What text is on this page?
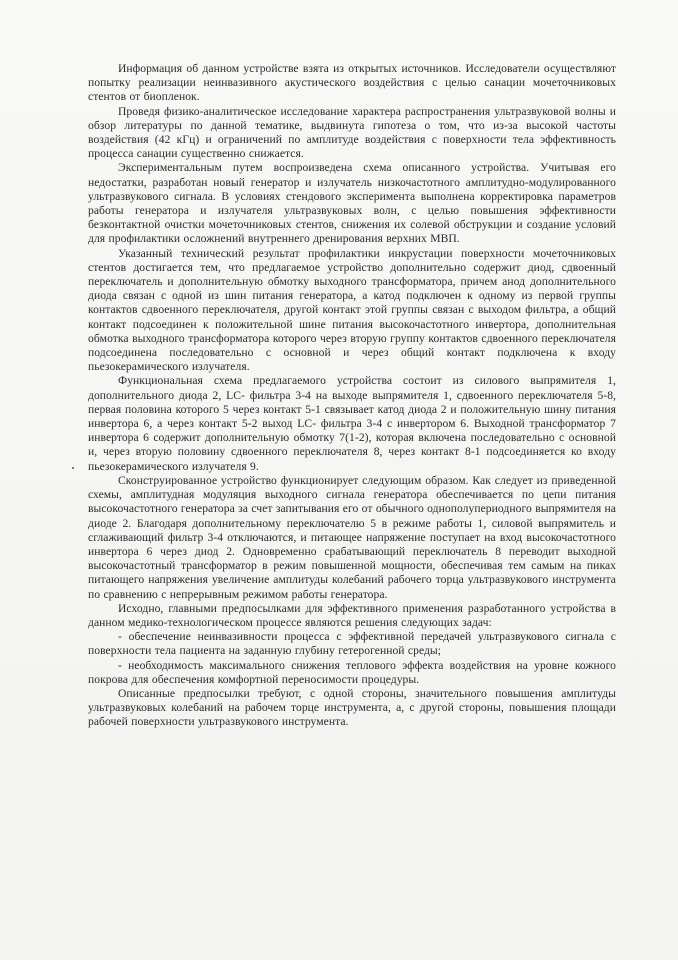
Информация об данном устройстве взята из открытых источников. Исследователи осуществляют попытку реализации неинвазивного акустического воздействия с целью санации мочеточниковых стентов от биопленок.

Проведя физико-аналитическое исследование характера распространения ультразвуковой волны и обзор литературы по данной тематике, выдвинута гипотеза о том, что из-за высокой частоты воздействия (42 кГц) и ограничений по амплитуде воздействия с поверхности тела эффективность процесса санации существенно снижается.

Экспериментальным путем воспроизведена схема описанного устройства. Учитывая его недостатки, разработан новый генератор и излучатель низкочастотного амплитудно-модулированного ультразвукового сигнала. В условиях стендового эксперимента выполнена корректировка параметров работы генератора и излучателя ультразвуковых волн, с целью повышения эффективности безконтактной очистки мочеточниковых стентов, снижения их солевой обструкции и создание условий для профилактики осложнений внутреннего дренирования верхних МВП.

Указанный технический результат профилактики инкрустации поверхности мочеточниковых стентов достигается тем, что предлагаемое устройство дополнительно содержит диод, сдвоенный переключатель и дополнительную обмотку выходного трансформатора, причем анод дополнительного диода связан с одной из шин питания генератора, а катод подключен к одному из первой группы контактов сдвоенного переключателя, другой контакт этой группы связан с выходом фильтра, а общий контакт подсоединен к положительной шине питания высокочастотного инвертора, дополнительная обмотка выходного трансформатора которого через вторую группу контактов сдвоенного переключателя подсоединена последовательно с основной и через общий контакт подключена к входу пьезокерамического излучателя.

Функциональная схема предлагаемого устройства состоит из силового выпрямителя 1, дополнительного диода 2, LC- фильтра 3-4 на выходе выпрямителя 1, сдвоенного переключателя 5-8, первая половина которого 5 через контакт 5-1 связывает катод диода 2 и положительную шину питания инвертора 6, а через контакт 5-2 выход LC- фильтра 3-4 с инвертором 6. Выходной трансформатор 7 инвертора 6 содержит дополнительную обмотку 7(1-2), которая включена последовательно с основной и, через вторую половину сдвоенного переключателя 8, через контакт 8-1 подсоединяется ко входу пьезокерамического излучателя 9.

Сконструированное устройство функционирует следующим образом. Как следует из приведенной схемы, амплитудная модуляция выходного сигнала генератора обеспечивается по цепи питания высокочастотного генератора за счет запитывания его от обычного однополупериодного выпрямителя на диоде 2. Благодаря дополнительному переключателю 5 в режиме работы 1, силовой выпрямитель и сглаживающий фильтр 3-4 отключаются, и питающее напряжение поступает на вход высокочастотного инвертора 6 через диод 2. Одновременно срабатывающий переключатель 8 переводит выходной высокочастотный трансформатор в режим повышенной мощности, обеспечивая тем самым на пиках питающего напряжения увеличение амплитуды колебаний рабочего торца ультразвукового инструмента по сравнению с непрерывным режимом работы генератора.

Исходно, главными предпосылками для эффективного применения разработанного устройства в данном медико-технологическом процессе являются решения следующих задач:

- обеспечение неинвазивности процесса с эффективной передачей ультразвукового сигнала с поверхности тела пациента на заданную глубину гетерогенной среды;

- необходимость максимального снижения теплового эффекта воздействия на уровне кожного покрова для обеспечения комфортной переносимости процедуры.

Описанные предпосылки требуют, с одной стороны, значительного повышения амплитуды ультразвуковых колебаний на рабочем торце инструмента, а, с другой стороны, повышения площади рабочей поверхности ультразвукового инструмента.
